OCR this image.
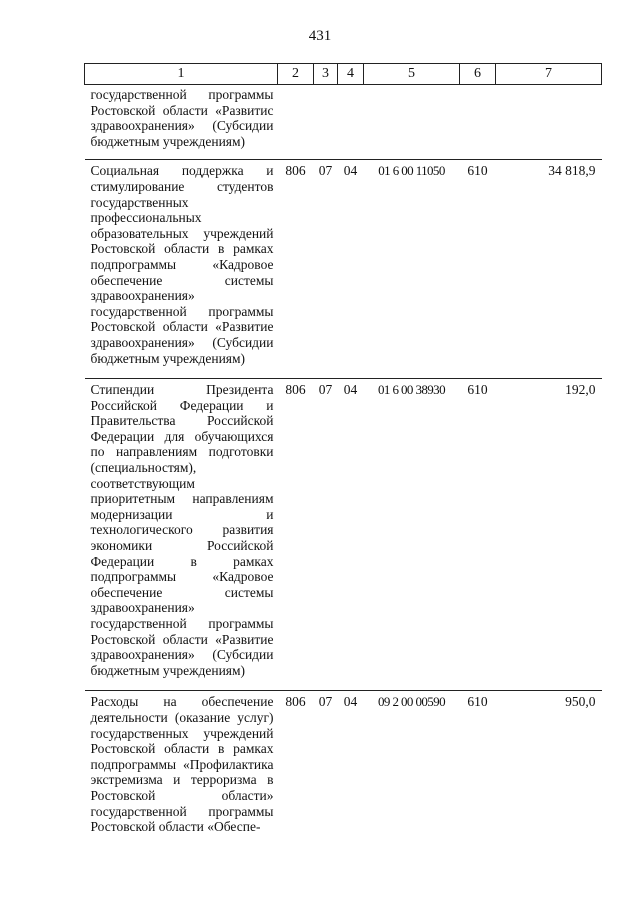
431
1	2	3	4	5	6	7
государственной программы Ростовской области «Развитис здравоохранения» (Субсидии бюджетным учреждениям)						
Социальная поддержка и стимулирование студентов государственных профессиональных образовательных учреждений Ростовской области в рамках подпрограммы «Кадровое обеспечение системы здравоохранения» государственной программы Ростовской области «Развитие здравоохранения» (Субсидии бюджетным учреждениям)	806	07	04	01 6 00 11050	610	34 818,9
Стипендии Президента Российской Федерации и Правительства Российской Федерации для обучающихся по направлениям подготовки (специальностям), соответствующим приоритетным направлениям модернизации и технологического развития экономики Российской Федерации в рамках подпрограммы «Кадровое обеспечение системы здравоохранения» государственной программы Ростовской области «Развитие здравоохранения» (Субсидии бюджетным учреждениям)	806	07	04	01 6 00 38930	610	192,0
Расходы на обеспечение деятельности (оказание услуг) государственных учреждений Ростовской области в рамках подпрограммы «Профилактика экстремизма и терроризма в Ростовской области» государственной программы Ростовской области «Обеспе-	806	07	04	09 2 00 00590	610	950,0
